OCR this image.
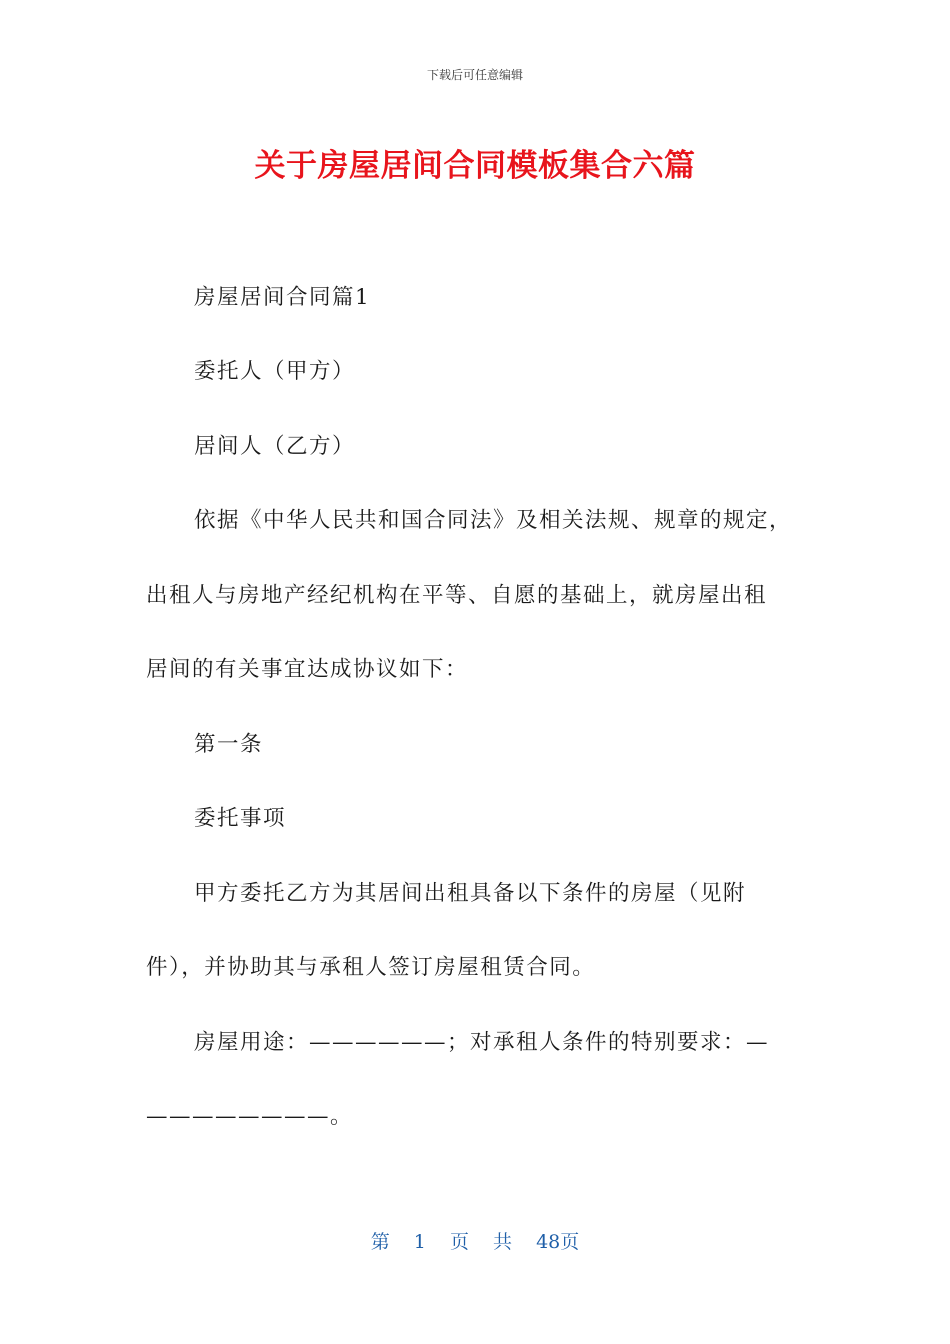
下载后可任意编辑
关于房屋居间合同模板集合六篇
房屋居间合同篇1
委托人（甲方）
居间人（乙方）
依据《中华人民共和国合同法》及相关法规、规章的规定，
出租人与房地产经纪机构在平等、自愿的基础上，就房屋出租
居间的有关事宜达成协议如下：
第一条
委托事项
甲方委托乙方为其居间出租具备以下条件的房屋（见附
件），并协助其与承租人签订房屋租赁合同。
房屋用途：——————；对承租人条件的特别要求：—
————————。
第 1 页 共 48页
